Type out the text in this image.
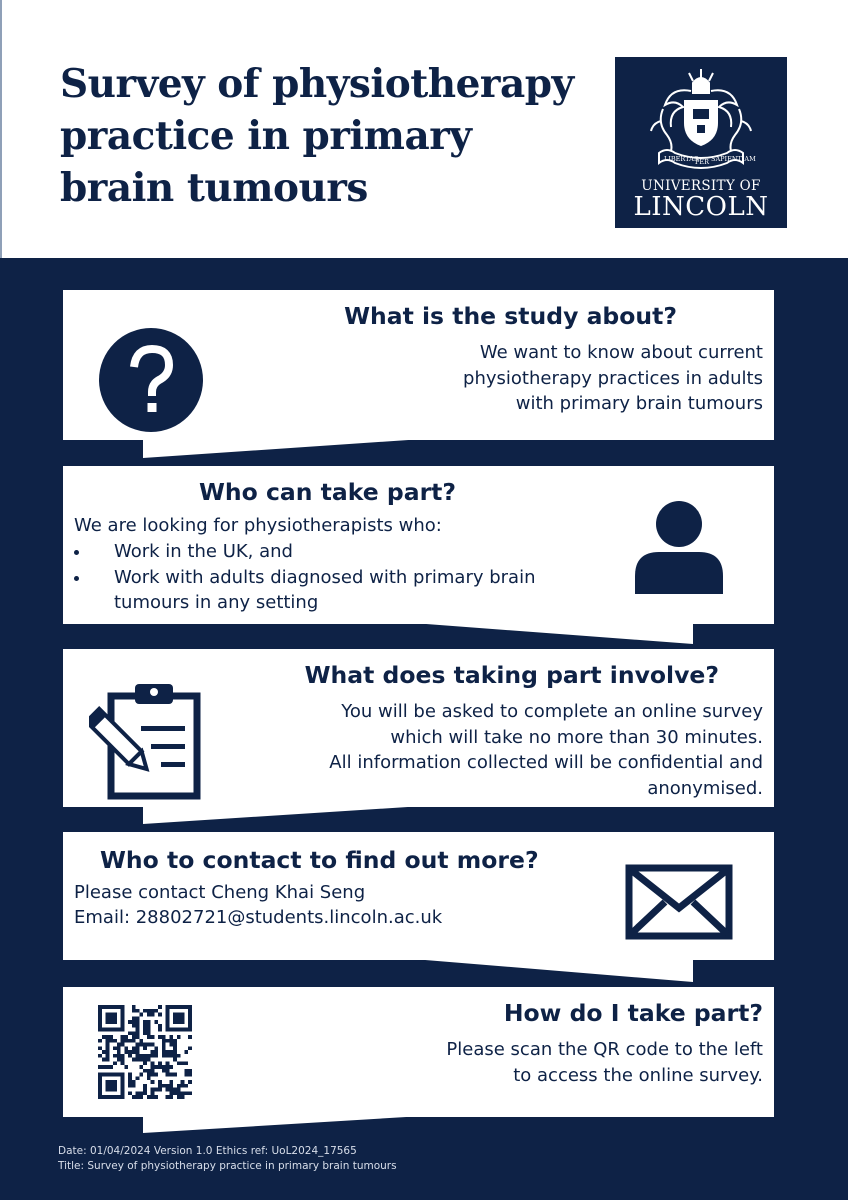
Survey of physiotherapy
practice in primary
brain tumours
LIBERTAS
PER SAPIENTIAM
UNIVERSITY OF
LINCOLN
What is the study about?
We want to know about current
physiotherapy practices in adults
with primary brain tumours
Who can take part?
We are looking for physiotherapists who:
Work in the UK, and
Work with adults diagnosed with primary brain
tumours in any setting
What does taking part involve?
You will be asked to complete an online survey
which will take no more than 30 minutes.
All information collected will be confidential and
anonymised.
Who to contact to find out more?
Please contact Cheng Khai Seng
Email: 28802721@students.lincoln.ac.uk
How do I take part?
Please scan the QR code to the left
to access the online survey.
Date: 01/04/2024 Version 1.0 Ethics ref: UoL2024_17565
Title: Survey of physiotherapy practice in primary brain tumours
